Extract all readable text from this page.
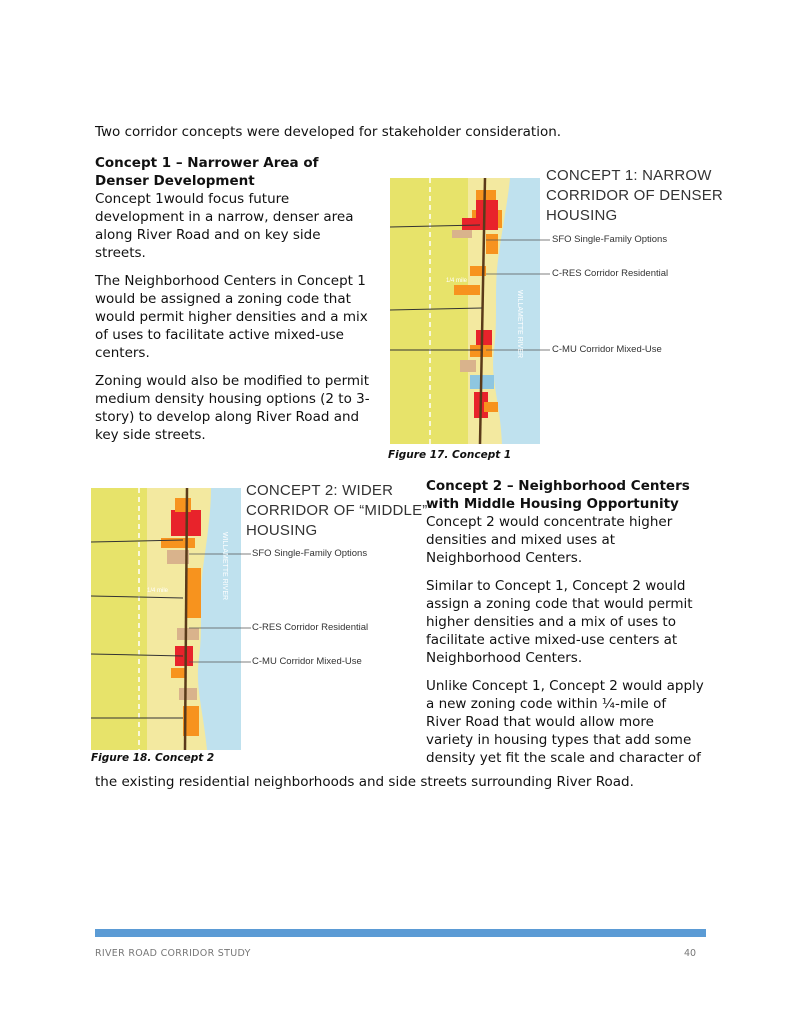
Two corridor concepts were developed for stakeholder consideration.
Concept 1 – Narrower Area of Denser Development

Concept 1would focus future development in a narrow, denser area along River Road and on key side streets.

The Neighborhood Centers in Concept 1 would be assigned a zoning code that would permit higher densities and a mix of uses to facilitate active mixed-use centers.

Zoning would also be modified to permit medium density housing options (2 to 3-story) to develop along River Road and key side streets.

WILLAMETTE RIVER
1/4 mile
CONCEPT 1: NARROW
CORRIDOR OF DENSER
HOUSING
SFO Single-Family Options
C-RES Corridor Residential
C-MU Corridor Mixed-Use
Figure 17. Concept 1
WILLAMETTE RIVER
1/4 mile
CONCEPT 2: WIDER
CORRIDOR OF “MIDDLE”
HOUSING
SFO Single-Family Options
C-RES Corridor Residential
C-MU Corridor Mixed-Use
Figure 18. Concept 2
Concept 2 – Neighborhood Centers with Middle Housing Opportunity

Concept 2 would concentrate higher densities and mixed uses at Neighborhood Centers.

Similar to Concept 1, Concept 2 would assign a zoning code that would permit higher densities and a mix of uses to facilitate active mixed-use centers at Neighborhood Centers.

Unlike Concept 1, Concept 2 would apply a new zoning code within ¼-mile of River Road that would allow more variety in housing types that add some density yet fit the scale and character of

the existing residential neighborhoods and side streets surrounding River Road.
RIVER ROAD CORRIDOR STUDY	40
